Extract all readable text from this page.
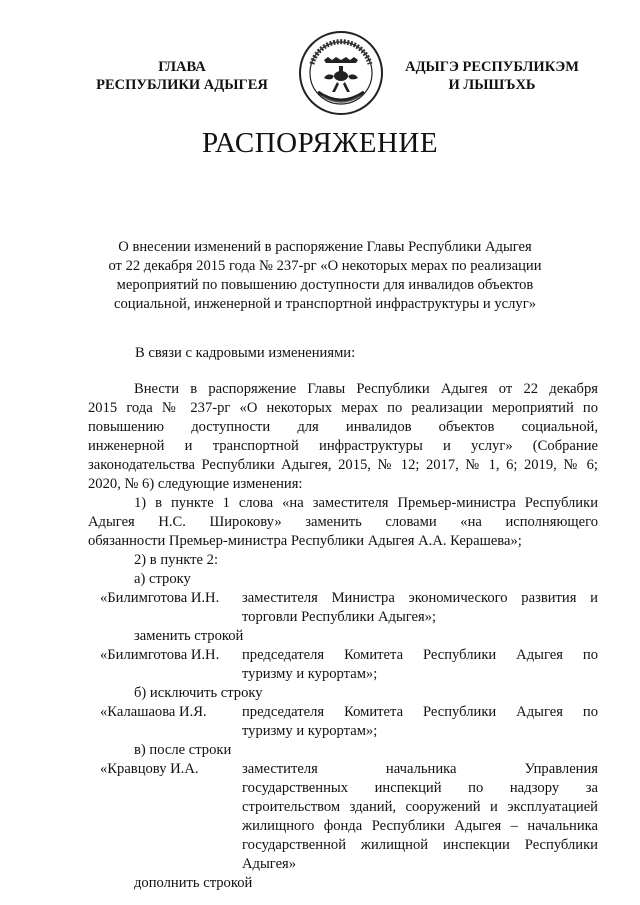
ГЛАВА
РЕСПУБЛИКИ АДЫГЕЯ
АДЫГЭ РЕСПУБЛИКЭМ
И ЛЫШЪХЬ
РАСПОРЯЖЕНИЕ
О внесении изменений в распоряжение Главы Республики Адыгея
от 22 декабря 2015 года № 237-рг «О некоторых мерах по реализации
мероприятий по повышению доступности для инвалидов объектов
социальной, инженерной и транспортной инфраструктуры и услуг»
В связи с кадровыми изменениями:
Внести в распоряжение Главы Республики Адыгея от 22 декабря
2015 года № 237-рг «О некоторых мерах по реализации мероприятий по
повышению доступности для инвалидов объектов социальной,
инженерной и транспортной инфраструктуры и услуг» (Собрание
законодательства Республики Адыгея, 2015, № 12; 2017, № 1, 6; 2019, № 6;
2020, № 6) следующие изменения:
1) в пункте 1 слова «на заместителя Премьер-министра Республики
Адыгея Н.С. Широкову» заменить словами «на исполняющего
обязанности Премьер-министра Республики Адыгея А.А. Керашева»;
2) в пункте 2:
а) строку
«Билимготова И.Н. заместителя Министра экономического развития и
торговли Республики Адыгея»;
заменить строкой
«Билимготова И.Н. председателя Комитета Республики Адыгея по
туризму и курортам»;
б) исключить строку
«Калашаова И.Я. председателя Комитета Республики Адыгея по
туризму и курортам»;
в) после строки
«Кравцову И.А.	заместителя начальника Управления
государственных инспекций по надзору за
строительством зданий, сооружений и эксплуатацией
жилищного фонда Республики Адыгея – начальника
государственной жилищной инспекции Республики
Адыгея»
дополнить строкой
